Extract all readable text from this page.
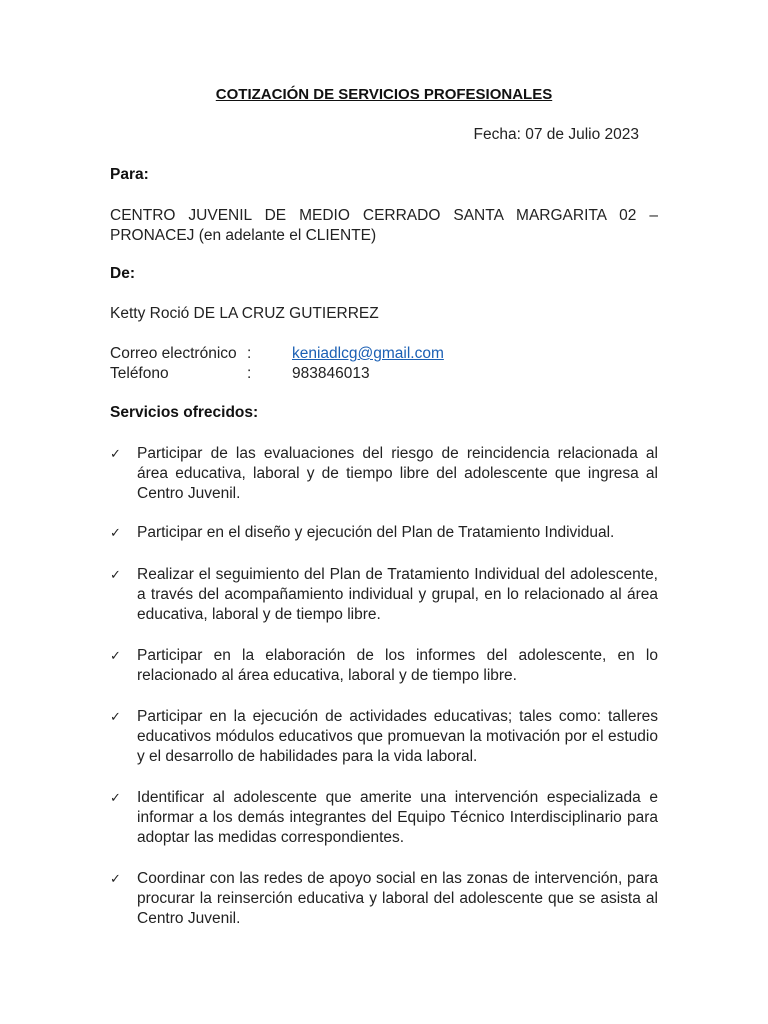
COTIZACIÓN DE SERVICIOS PROFESIONALES
Fecha: 07 de Julio 2023
Para:
CENTRO JUVENIL DE MEDIO CERRADO SANTA MARGARITA 02 – PRONACEJ (en adelante el CLIENTE)
De:
Ketty Roció DE LA CRUZ GUTIERREZ
Correo electrónico :	keniadlcg@gmail.com
Teléfono	:	983846013
Servicios ofrecidos:
✓ Participar de las evaluaciones del riesgo de reincidencia relacionada al área educativa, laboral y de tiempo libre del adolescente que ingresa al Centro Juvenil.
✓ Participar en el diseño y ejecución del Plan de Tratamiento Individual.
✓ Realizar el seguimiento del Plan de Tratamiento Individual del adolescente, a través del acompañamiento individual y grupal, en lo relacionado al área educativa, laboral y de tiempo libre.
✓ Participar en la elaboración de los informes del adolescente, en lo relacionado al área educativa, laboral y de tiempo libre.
✓ Participar en la ejecución de actividades educativas; tales como: talleres educativos módulos educativos que promuevan la motivación por el estudio y el desarrollo de habilidades para la vida laboral.
✓ Identificar al adolescente que amerite una intervención especializada e informar a los demás integrantes del Equipo Técnico Interdisciplinario para adoptar las medidas correspondientes.
✓ Coordinar con las redes de apoyo social en las zonas de intervención, para procurar la reinserción educativa y laboral del adolescente que se asista al Centro Juvenil.
